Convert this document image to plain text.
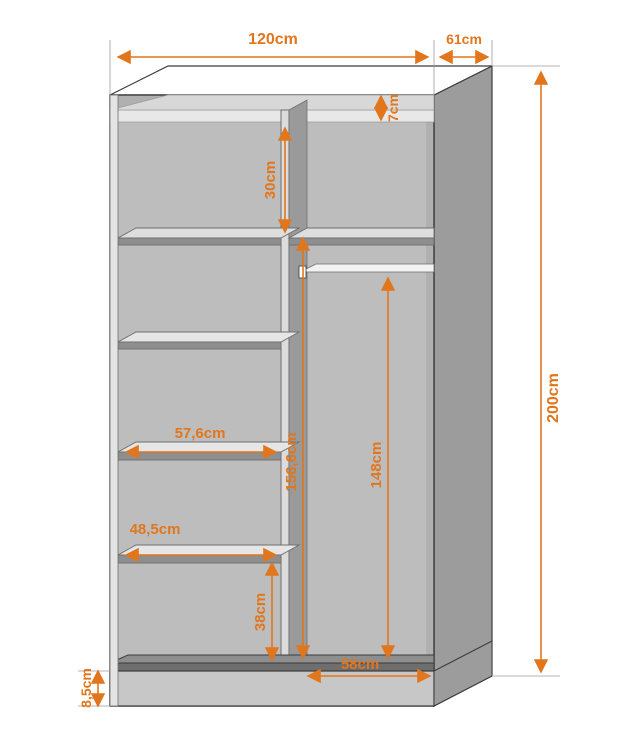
120cm	61cm
7cm
30cm
57,6cm
48,5cm
156,6cm	148cm
38cm
58cm
8,5cm
200cm
